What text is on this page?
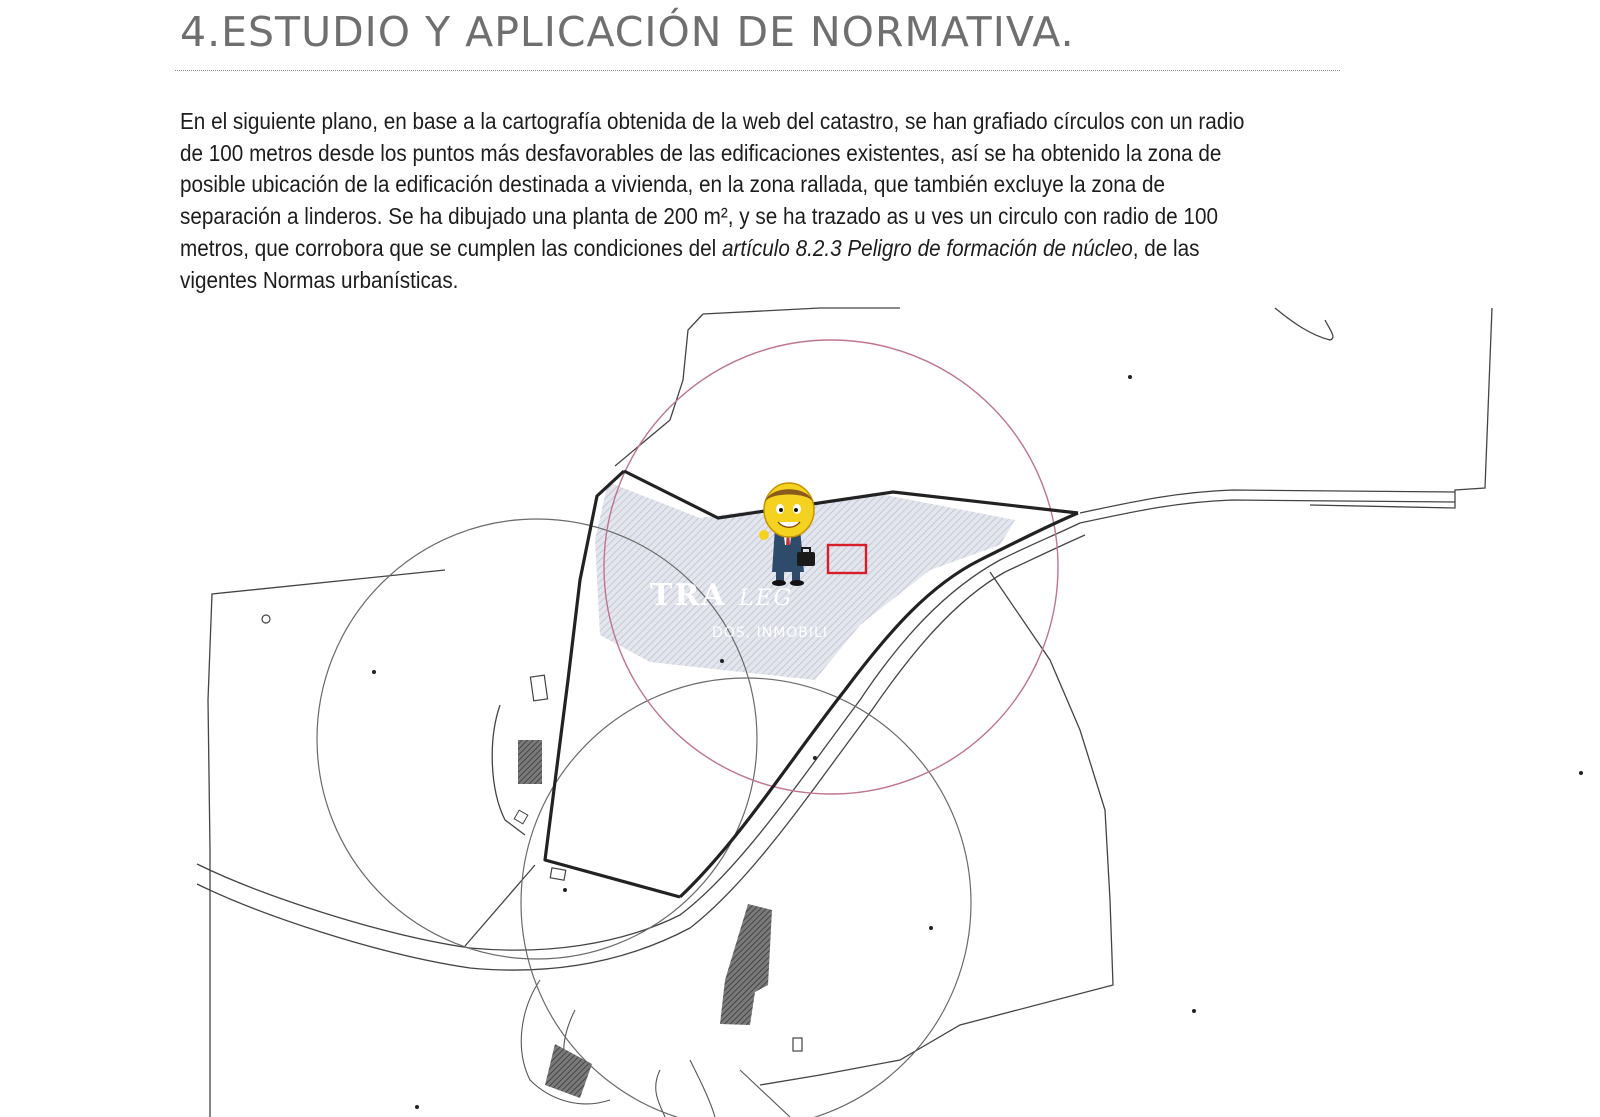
4.ESTUDIO Y APLICACIÓN DE NORMATIVA.

En el siguiente plano, en base a la cartografía obtenida de la web del catastro, se han grafiado círculos con un radio
de 100 metros desde los puntos más desfavorables de las edificaciones existentes, así se ha obtenido la zona de
posible ubicación de la edificación destinada a vivienda, en la zona rallada, que también excluye la zona de
separación a linderos. Se ha dibujado una planta de 200 m², y se ha trazado as u ves un circulo con radio de 100
metros, que corrobora que se cumplen las condiciones del artículo 8.2.3 Peligro de formación de núcleo, de las
vigentes Normas urbanísticas.

TRA LEG
DOS, INMOBILI
